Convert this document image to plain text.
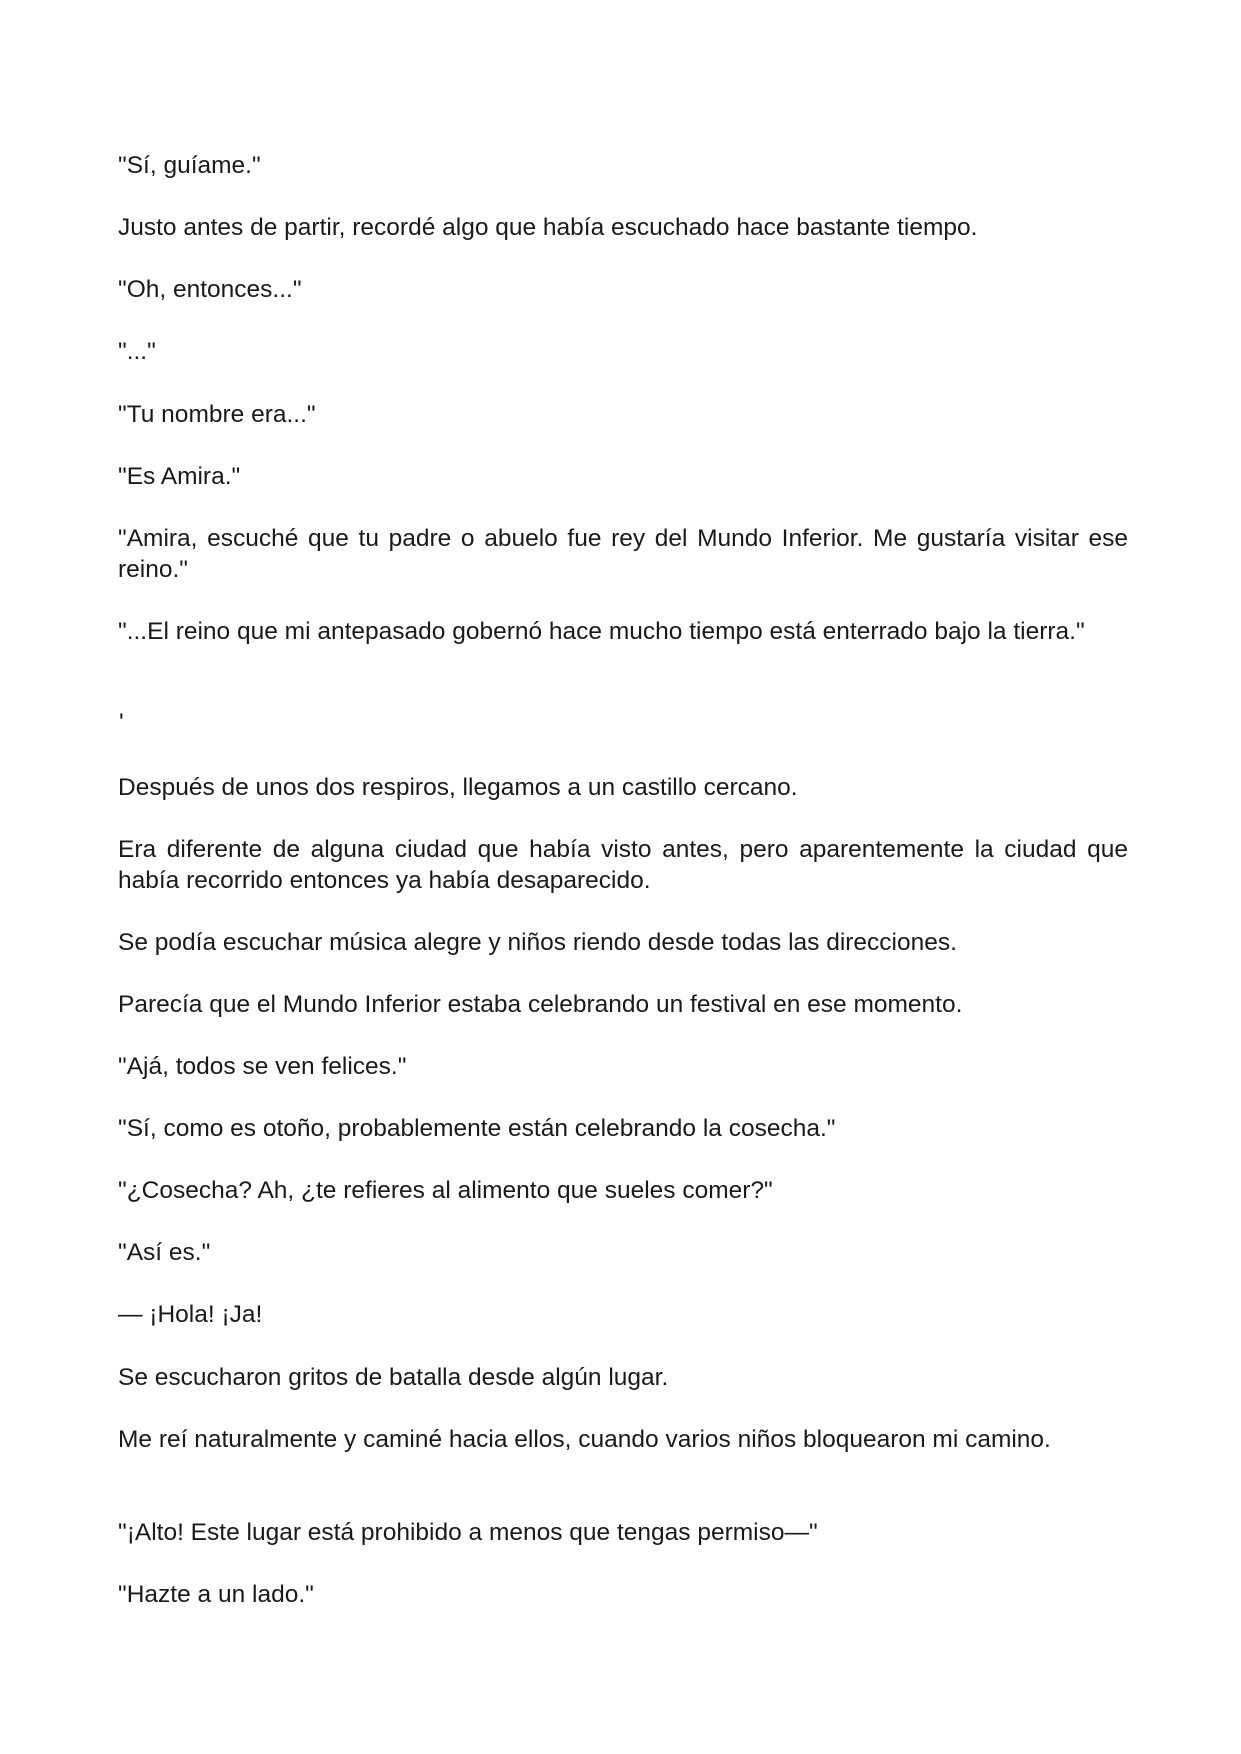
"Sí, guíame."

Justo antes de partir, recordé algo que había escuchado hace bastante tiempo.

"Oh, entonces..."

"..."

"Tu nombre era..."

"Es Amira."

"Amira, escuché que tu padre o abuelo fue rey del Mundo Inferior. Me gustaría visitar ese reino."

"...El reino que mi antepasado gobernó hace mucho tiempo está enterrado bajo la tierra."

'

Después de unos dos respiros, llegamos a un castillo cercano.

Era diferente de alguna ciudad que había visto antes, pero aparentemente la ciudad que había recorrido entonces ya había desaparecido.

Se podía escuchar música alegre y niños riendo desde todas las direcciones.

Parecía que el Mundo Inferior estaba celebrando un festival en ese momento.

"Ajá, todos se ven felices."

"Sí, como es otoño, probablemente están celebrando la cosecha."

"¿Cosecha? Ah, ¿te refieres al alimento que sueles comer?"

"Así es."

— ¡Hola! ¡Ja!

Se escucharon gritos de batalla desde algún lugar.

Me reí naturalmente y caminé hacia ellos, cuando varios niños bloquearon mi camino.

"¡Alto! Este lugar está prohibido a menos que tengas permiso—"

"Hazte a un lado."
